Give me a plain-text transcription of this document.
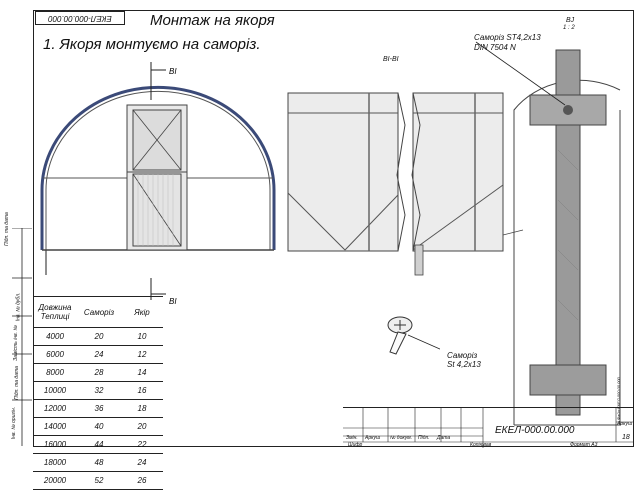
ЕКЕЛ-000.00.000	Монтаж на якоря
1. Якоря монтуємо на саморіз.
Підп. та дата
Інв. № дубл.
Замість інв. №
Підп. та дата
Інв. № оригін.
ВІ
ВІ
ВІ-ВІ
BJ
1 : 2
Саморіз ST4,2x13
DIN 7504 N
Саморіз
St 4,2x13
Довжина Теплиці	Саморіз	Якір
4000	20	10
6000	24	12
8000	28	14
10000	32	16
12000	36	18
14000	40	20
16000	44	22
18000	48	24
20000	52	26
ЕКЕЛ-000.00.000
Аркуш
18
Змін. Аркуш № докум. Підп. Дата
Шифр	Копіював	Формат А3
Файл:ЕКЕЛ-000.00.000
